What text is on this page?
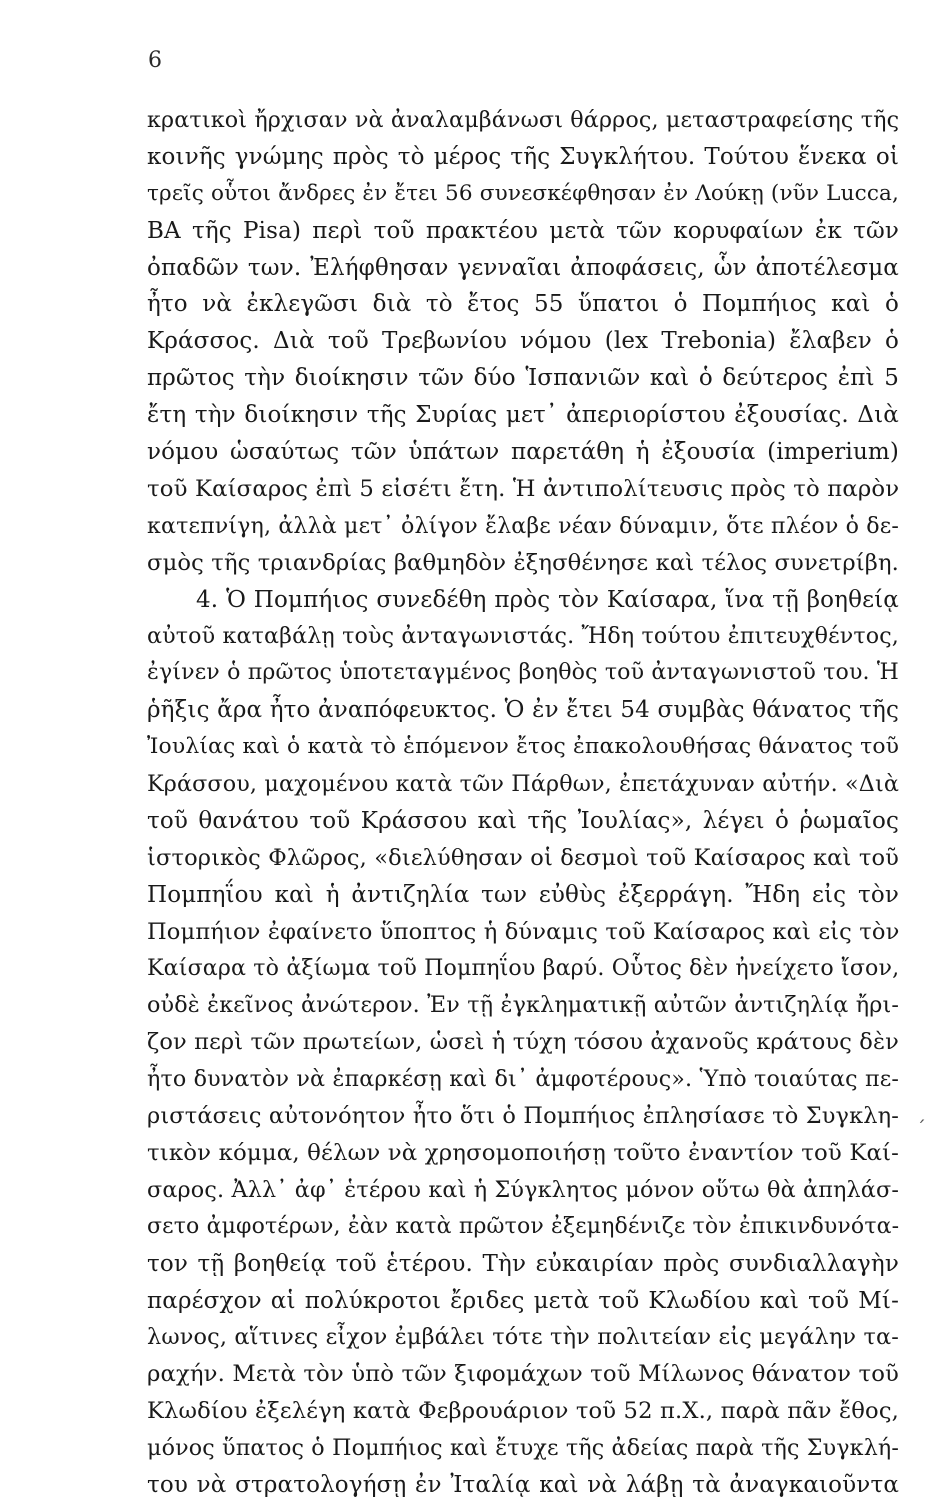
6
κρατικοὶ ἤρχισαν νὰ ἀναλαμβάνωσι θάρρος, μεταστραφείσης τῆς
κοινῆς γνώμης πρὸς τὸ μέρος τῆς Συγκλήτου. Τούτου ἕνεκα οἱ
τρεῖς οὗτοι ἄνδρες ἐν ἔτει 56 συνεσκέφθησαν ἐν Λούκῃ (νῦν Lucca,
ΒΑ τῆς Pisa) περὶ τοῦ πρακτέου μετὰ τῶν κορυφαίων ἐκ τῶν
ὀπαδῶν των. Ἐλήφθησαν γενναῖαι ἀποφάσεις, ὧν ἀποτέλεσμα
ἦτο νὰ ἐκλεγῶσι διὰ τὸ ἔτος 55 ὕπατοι ὁ Πομπήιος καὶ ὁ
Κράσσος. Διὰ τοῦ Τρεβωνίου νόμου (lex Trebonia) ἔλαβεν ὁ
πρῶτος τὴν διοίκησιν τῶν δύο Ἱσπανιῶν καὶ ὁ δεύτερος ἐπὶ 5
ἔτη τὴν διοίκησιν τῆς Συρίας μετ᾽ ἀπεριορίστου ἐξουσίας. Διὰ
νόμου ὡσαύτως τῶν ὑπάτων παρετάθη ἡ ἐξουσία (imperium)
τοῦ Καίσαρος ἐπὶ 5 εἰσέτι ἔτη. Ἡ ἀντιπολίτευσις πρὸς τὸ παρὸν
κατεπνίγη, ἀλλὰ μετ᾽ ὀλίγον ἔλαβε νέαν δύναμιν, ὅτε πλέον ὁ δε-
σμὸς τῆς τριανδρίας βαθμηδὸν ἐξησθένησε καὶ τέλος συνετρίβη.
4. Ὁ Πομπήιος συνεδέθη πρὸς τὸν Καίσαρα, ἵνα τῇ βοηθείᾳ
αὐτοῦ καταβάλῃ τοὺς ἀνταγωνιστάς. Ἤδη τούτου ἐπιτευχθέντος,
ἐγίνεν ὁ πρῶτος ὑποτεταγμένος βοηθὸς τοῦ ἀνταγωνιστοῦ του. Ἡ
ῥῆξις ἄρα ἦτο ἀναπόφευκτος. Ὁ ἐν ἔτει 54 συμβὰς θάνατος τῆς
Ἰουλίας καὶ ὁ κατὰ τὸ ἑπόμενον ἔτος ἐπακολουθήσας θάνατος τοῦ
Κράσσου, μαχομένου κατὰ τῶν Πάρθων, ἐπετάχυναν αὐτήν. «Διὰ
τοῦ θανάτου τοῦ Κράσσου καὶ τῆς Ἰουλίας», λέγει ὁ ῥωμαῖος
ἱστορικὸς Φλῶρος, «διελύθησαν οἱ δεσμοὶ τοῦ Καίσαρος καὶ τοῦ
Πομπηΐου καὶ ἡ ἀντιζηλία των εὐθὺς ἐξερράγη. Ἤδη εἰς τὸν
Πομπήιον ἐφαίνετο ὕποπτος ἡ δύναμις τοῦ Καίσαρος καὶ εἰς τὸν
Καίσαρα τὸ ἀξίωμα τοῦ Πομπηΐου βαρύ. Οὗτος δὲν ἠνείχετο ἴσον,
οὐδὲ ἐκεῖνος ἀνώτερον. Ἐν τῇ ἐγκληματικῇ αὐτῶν ἀντιζηλίᾳ ἤρι-
ζον περὶ τῶν πρωτείων, ὡσεὶ ἡ τύχη τόσου ἀχανοῦς κράτους δὲν
ἦτο δυνατὸν νὰ ἐπαρκέσῃ καὶ δι᾽ ἀμφοτέρους». Ὑπὸ τοιαύτας πε-
ριστάσεις αὐτονόητον ἦτο ὅτι ὁ Πομπήιος ἐπλησίασε τὸ Συγκλη-
τικὸν κόμμα, θέλων νὰ χρησομοποιήσῃ τοῦτο ἐναντίον τοῦ Καί-
σαρος. Ἀλλ᾽ ἀφ᾽ ἑτέρου καὶ ἡ Σύγκλητος μόνον οὕτω θὰ ἀπηλάσ-
σετο ἀμφοτέρων, ἐὰν κατὰ πρῶτον ἐξεμηδένιζε τὸν ἐπικινδυνότα-
τον τῇ βοηθείᾳ τοῦ ἑτέρου. Τὴν εὐκαιρίαν πρὸς συνδιαλλαγὴν
παρέσχον αἱ πολύκροτοι ἔριδες μετὰ τοῦ Κλωδίου καὶ τοῦ Μί-
λωνος, αἵτινες εἶχον ἐμβάλει τότε τὴν πολιτείαν εἰς μεγάλην τα-
ραχήν. Μετὰ τὸν ὑπὸ τῶν ξιφομάχων τοῦ Μίλωνος θάνατον τοῦ
Κλωδίου ἐξελέγη κατὰ Φεβρουάριον τοῦ 52 π.Χ., παρὰ πᾶν ἔθος,
μόνος ὕπατος ὁ Πομπήιος καὶ ἔτυχε τῆς ἀδείας παρὰ τῆς Συγκλή-
του νὰ στρατολογήσῃ ἐν Ἰταλίᾳ καὶ νὰ λάβῃ τὰ ἀναγκαιοῦντα
´
